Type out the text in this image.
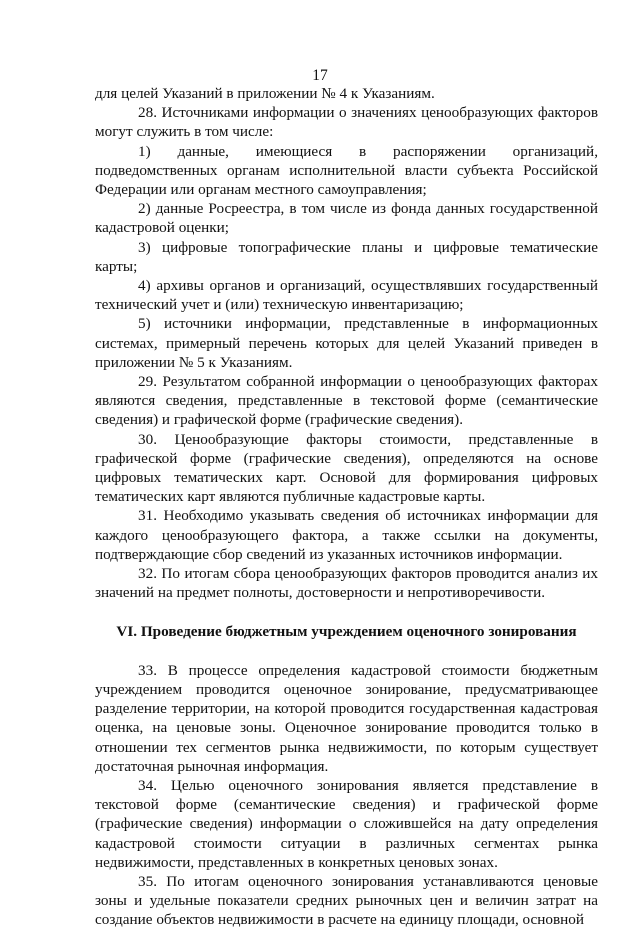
17

для целей Указаний в приложении № 4 к Указаниям.

28. Источниками информации о значениях ценообразующих факторов могут служить в том числе:

1) данные, имеющиеся в распоряжении организаций, подведомственных органам исполнительной власти субъекта Российской Федерации или органам местного самоуправления;

2) данные Росреестра, в том числе из фонда данных государственной кадастровой оценки;

3) цифровые топографические планы и цифровые тематические карты;

4) архивы органов и организаций, осуществлявших государственный технический учет и (или) техническую инвентаризацию;

5) источники информации, представленные в информационных системах, примерный перечень которых для целей Указаний приведен в приложении № 5 к Указаниям.

29. Результатом собранной информации о ценообразующих факторах являются сведения, представленные в текстовой форме (семантические сведения) и графической форме (графические сведения).

30. Ценообразующие факторы стоимости, представленные в графической форме (графические сведения), определяются на основе цифровых тематических карт. Основой для формирования цифровых тематических карт являются публичные кадастровые карты.

31. Необходимо указывать сведения об источниках информации для каждого ценообразующего фактора, а также ссылки на документы, подтверждающие сбор сведений из указанных источников информации.

32. По итогам сбора ценообразующих факторов проводится анализ их значений на предмет полноты, достоверности и непротиворечивости.

VI. Проведение бюджетным учреждением оценочного зонирования

33. В процессе определения кадастровой стоимости бюджетным учреждением проводится оценочное зонирование, предусматривающее разделение территории, на которой проводится государственная кадастровая оценка, на ценовые зоны. Оценочное зонирование проводится только в отношении тех сегментов рынка недвижимости, по которым существует достаточная рыночная информация.

34. Целью оценочного зонирования является представление в текстовой форме (семантические сведения) и графической форме (графические сведения) информации о сложившейся на дату определения кадастровой стоимости ситуации в различных сегментах рынка недвижимости, представленных в конкретных ценовых зонах.

35. По итогам оценочного зонирования устанавливаются ценовые зоны и удельные показатели средних рыночных цен и величин затрат на создание объектов недвижимости в расчете на единицу площади, основной
